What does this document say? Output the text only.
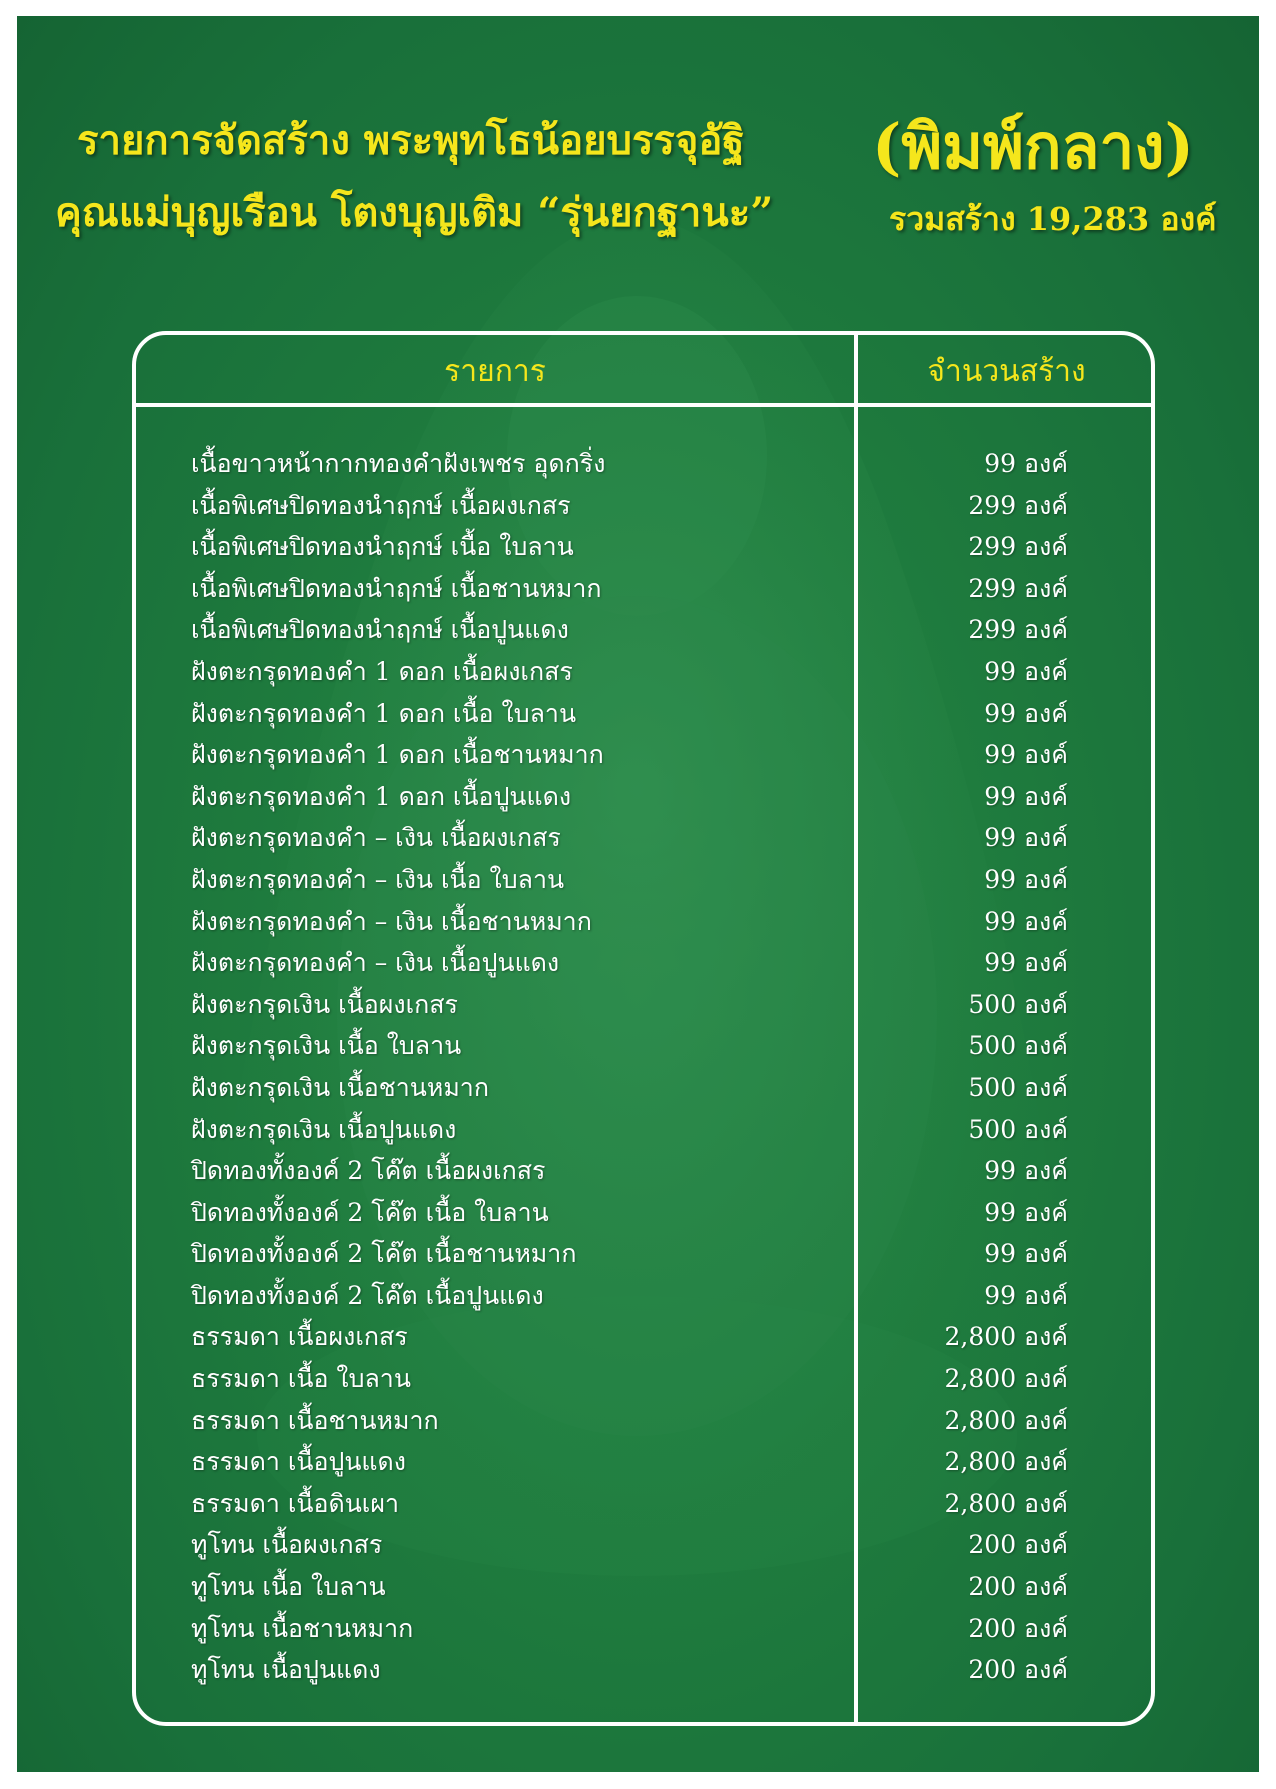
รายการจัดสร้าง พระพุทโธน้อยบรรจุอัฐิ
คุณแม่บุญเรือน โตงบุญเติม “รุ่นยกฐานะ”
(พิมพ์กลาง)
รวมสร้าง 19,283 องค์
รายการ	จำนวนสร้าง
เนื้อขาวหน้ากากทองคำฝังเพชร อุดกริ่ง	99 องค์
เนื้อพิเศษปิดทองนำฤกษ์ เนื้อผงเกสร	299 องค์
เนื้อพิเศษปิดทองนำฤกษ์ เนื้อ ใบลาน	299 องค์
เนื้อพิเศษปิดทองนำฤกษ์ เนื้อชานหมาก	299 องค์
เนื้อพิเศษปิดทองนำฤกษ์ เนื้อปูนแดง	299 องค์
ฝังตะกรุดทองคำ 1 ดอก เนื้อผงเกสร	99 องค์
ฝังตะกรุดทองคำ 1 ดอก เนื้อ ใบลาน	99 องค์
ฝังตะกรุดทองคำ 1 ดอก เนื้อชานหมาก	99 องค์
ฝังตะกรุดทองคำ 1 ดอก เนื้อปูนแดง	99 องค์
ฝังตะกรุดทองคำ – เงิน เนื้อผงเกสร	99 องค์
ฝังตะกรุดทองคำ – เงิน เนื้อ ใบลาน	99 องค์
ฝังตะกรุดทองคำ – เงิน เนื้อชานหมาก	99 องค์
ฝังตะกรุดทองคำ – เงิน เนื้อปูนแดง	99 องค์
ฝังตะกรุดเงิน เนื้อผงเกสร	500 องค์
ฝังตะกรุดเงิน เนื้อ ใบลาน	500 องค์
ฝังตะกรุดเงิน เนื้อชานหมาก	500 องค์
ฝังตะกรุดเงิน เนื้อปูนแดง	500 องค์
ปิดทองทั้งองค์ 2 โค๊ต เนื้อผงเกสร	99 องค์
ปิดทองทั้งองค์ 2 โค๊ต เนื้อ ใบลาน	99 องค์
ปิดทองทั้งองค์ 2 โค๊ต เนื้อชานหมาก	99 องค์
ปิดทองทั้งองค์ 2 โค๊ต เนื้อปูนแดง	99 องค์
ธรรมดา เนื้อผงเกสร	2,800 องค์
ธรรมดา เนื้อ ใบลาน	2,800 องค์
ธรรมดา เนื้อชานหมาก	2,800 องค์
ธรรมดา เนื้อปูนแดง	2,800 องค์
ธรรมดา เนื้อดินเผา	2,800 องค์
ทูโทน เนื้อผงเกสร	200 องค์
ทูโทน เนื้อ ใบลาน	200 องค์
ทูโทน เนื้อชานหมาก	200 องค์
ทูโทน เนื้อปูนแดง	200 องค์
